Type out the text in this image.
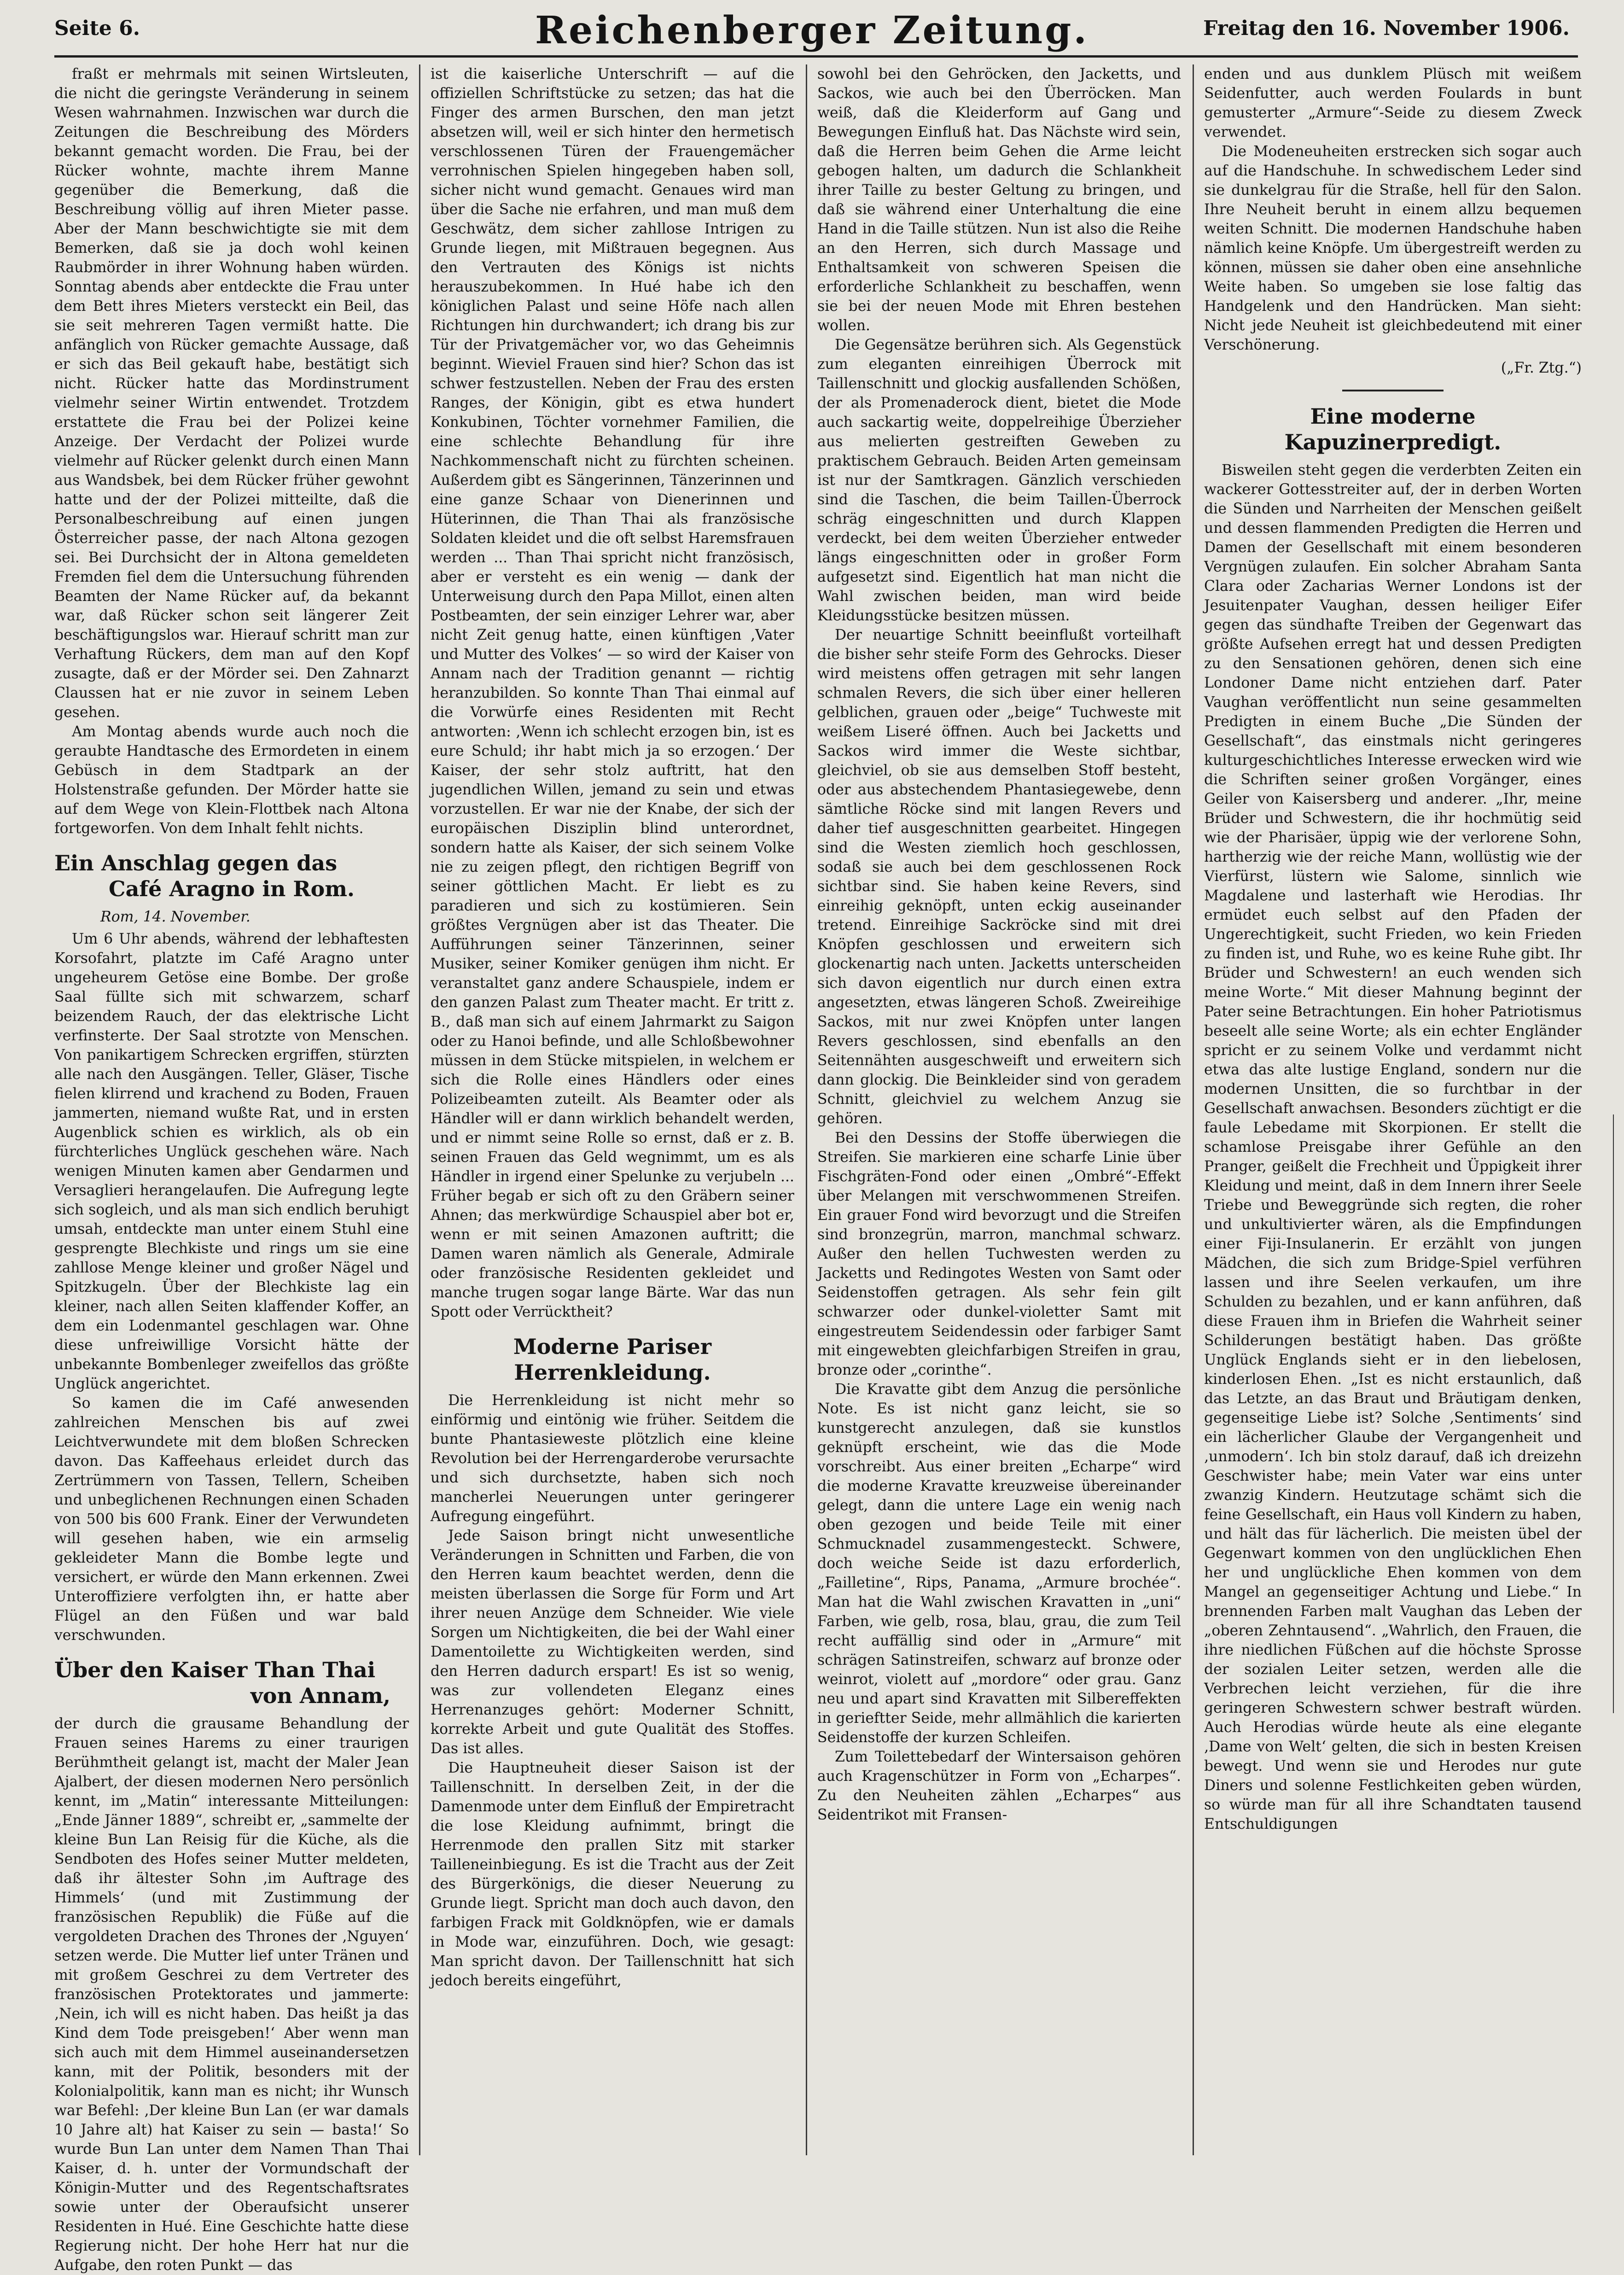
Seite 6.	Reichenberger Zeitung.	Freitag den 16. November 1906.

fraßt er mehrmals mit seinen Wirtsleuten, die nicht die geringste Veränderung in seinem Wesen wahrnahmen. Inzwischen war durch die Zeitungen die Beschreibung des Mörders bekannt gemacht worden. Die Frau, bei der Rücker wohnte, machte ihrem Manne gegenüber die Bemerkung, daß die Beschreibung völlig auf ihren Mieter passe. Aber der Mann beschwichtigte sie mit dem Bemerken, daß sie ja doch wohl keinen Raubmörder in ihrer Wohnung haben würden. Sonntag abends aber entdeckte die Frau unter dem Bett ihres Mieters versteckt ein Beil, das sie seit mehreren Tagen vermißt hatte. Die anfänglich von Rücker gemachte Aussage, daß er sich das Beil gekauft habe, bestätigt sich nicht. Rücker hatte das Mordinstrument vielmehr seiner Wirtin entwendet. Trotzdem erstattete die Frau bei der Polizei keine Anzeige. Der Verdacht der Polizei wurde vielmehr auf Rücker gelenkt durch einen Mann aus Wandsbek, bei dem Rücker früher gewohnt hatte und der der Polizei mitteilte, daß die Personalbeschreibung auf einen jungen Österreicher passe, der nach Altona gezogen sei. Bei Durchsicht der in Altona gemeldeten Fremden fiel dem die Untersuchung führenden Beamten der Name Rücker auf, da bekannt war, daß Rücker schon seit längerer Zeit beschäftigungslos war. Hierauf schritt man zur Verhaftung Rückers, dem man auf den Kopf zusagte, daß er der Mörder sei. Den Zahnarzt Claussen hat er nie zuvor in seinem Leben gesehen.

Am Montag abends wurde auch noch die geraubte Handtasche des Ermordeten in einem Gebüsch in dem Stadtpark an der Holstenstraße gefunden. Der Mörder hatte sie auf dem Wege von Klein-Flottbek nach Altona fortgeworfen. Von dem Inhalt fehlt nichts.

Ein Anschlag gegen das
Café Aragno in Rom.

Rom, 14. November.

Um 6 Uhr abends, während der lebhaftesten Korsofahrt, platzte im Café Aragno unter ungeheurem Getöse eine Bombe. Der große Saal füllte sich mit schwarzem, scharf beizendem Rauch, der das elektrische Licht verfinsterte. Der Saal strotzte von Menschen. Von panikartigem Schrecken ergriffen, stürzten alle nach den Ausgängen. Teller, Gläser, Tische fielen klirrend und krachend zu Boden, Frauen jammerten, niemand wußte Rat, und in ersten Augenblick schien es wirklich, als ob ein fürchterliches Unglück geschehen wäre. Nach wenigen Minuten kamen aber Gendarmen und Versaglieri herangelaufen. Die Aufregung legte sich sogleich, und als man sich endlich beruhigt umsah, entdeckte man unter einem Stuhl eine gesprengte Blechkiste und rings um sie eine zahllose Menge kleiner und großer Nägel und Spitzkugeln. Über der Blechkiste lag ein kleiner, nach allen Seiten klaffender Koffer, an dem ein Lodenmantel geschlagen war. Ohne diese unfreiwillige Vorsicht hätte der unbekannte Bombenleger zweifellos das größte Unglück angerichtet.

So kamen die im Café anwesenden zahlreichen Menschen bis auf zwei Leichtverwundete mit dem bloßen Schrecken davon. Das Kaffeehaus erleidet durch das Zertrümmern von Tassen, Tellern, Scheiben und unbeglichenen Rechnungen einen Schaden von 500 bis 600 Frank. Einer der Verwundeten will gesehen haben, wie ein armselig gekleideter Mann die Bombe legte und versichert, er würde den Mann erkennen. Zwei Unteroffiziere verfolgten ihn, er hatte aber Flügel an den Füßen und war bald verschwunden.

Über den Kaiser Than Thai
von Annam,

der durch die grausame Behandlung der Frauen seines Harems zu einer traurigen Berühmtheit gelangt ist, macht der Maler Jean Ajalbert, der diesen modernen Nero persönlich kennt, im „Matin“ interessante Mitteilungen: „Ende Jänner 1889“, schreibt er, „sammelte der kleine Bun Lan Reisig für die Küche, als die Sendboten des Hofes seiner Mutter meldeten, daß ihr ältester Sohn ‚im Auftrage des Himmels‘ (und mit Zustimmung der französischen Republik) die Füße auf die vergoldeten Drachen des Thrones der ‚Nguyen‘ setzen werde. Die Mutter lief unter Tränen und mit großem Geschrei zu dem Vertreter des französischen Protektorates und jammerte: ‚Nein, ich will es nicht haben. Das heißt ja das Kind dem Tode preisgeben!‘ Aber wenn man sich auch mit dem Himmel auseinandersetzen kann, mit der Politik, besonders mit der Kolonialpolitik, kann man es nicht; ihr Wunsch war Befehl: ‚Der kleine Bun Lan (er war damals 10 Jahre alt) hat Kaiser zu sein — basta!‘ So wurde Bun Lan unter dem Namen Than Thai Kaiser, d. h. unter der Vormundschaft der Königin-Mutter und des Regentschaftsrates sowie unter der Oberaufsicht unserer Residenten in Hué. Eine Geschichte hatte diese Regierung nicht. Der hohe Herr hat nur die Aufgabe, den roten Punkt — das

ist die kaiserliche Unterschrift — auf die offiziellen Schriftstücke zu setzen; das hat die Finger des armen Burschen, den man jetzt absetzen will, weil er sich hinter den hermetisch verschlossenen Türen der Frauengemächer verrohnischen Spielen hingegeben haben soll, sicher nicht wund gemacht. Genaues wird man über die Sache nie erfahren, und man muß dem Geschwätz, dem sicher zahllose Intrigen zu Grunde liegen, mit Mißtrauen begegnen. Aus den Vertrauten des Königs ist nichts herauszubekommen. In Hué habe ich den königlichen Palast und seine Höfe nach allen Richtungen hin durchwandert; ich drang bis zur Tür der Privatgemächer vor, wo das Geheimnis beginnt. Wieviel Frauen sind hier? Schon das ist schwer festzustellen. Neben der Frau des ersten Ranges, der Königin, gibt es etwa hundert Konkubinen, Töchter vornehmer Familien, die eine schlechte Behandlung für ihre Nachkommenschaft nicht zu fürchten scheinen. Außerdem gibt es Sängerinnen, Tänzerinnen und eine ganze Schaar von Dienerinnen und Hüterinnen, die Than Thai als französische Soldaten kleidet und die oft selbst Haremsfrauen werden ... Than Thai spricht nicht französisch, aber er versteht es ein wenig — dank der Unterweisung durch den Papa Millot, einen alten Postbeamten, der sein einziger Lehrer war, aber nicht Zeit genug hatte, einen künftigen ‚Vater und Mutter des Volkes‘ — so wird der Kaiser von Annam nach der Tradition genannt — richtig heranzubilden. So konnte Than Thai einmal auf die Vorwürfe eines Residenten mit Recht antworten: ‚Wenn ich schlecht erzogen bin, ist es eure Schuld; ihr habt mich ja so erzogen.‘ Der Kaiser, der sehr stolz auftritt, hat den jugendlichen Willen, jemand zu sein und etwas vorzustellen. Er war nie der Knabe, der sich der europäischen Disziplin blind unterordnet, sondern hatte als Kaiser, der sich seinem Volke nie zu zeigen pflegt, den richtigen Begriff von seiner göttlichen Macht. Er liebt es zu paradieren und sich zu kostümieren. Sein größtes Vergnügen aber ist das Theater. Die Aufführungen seiner Tänzerinnen, seiner Musiker, seiner Komiker genügen ihm nicht. Er veranstaltet ganz andere Schauspiele, indem er den ganzen Palast zum Theater macht. Er tritt z. B., daß man sich auf einem Jahrmarkt zu Saigon oder zu Hanoi befinde, und alle Schloßbewohner müssen in dem Stücke mitspielen, in welchem er sich die Rolle eines Händlers oder eines Polizeibeamten zuteilt. Als Beamter oder als Händler will er dann wirklich behandelt werden, und er nimmt seine Rolle so ernst, daß er z. B. seinen Frauen das Geld wegnimmt, um es als Händler in irgend einer Spelunke zu verjubeln ... Früher begab er sich oft zu den Gräbern seiner Ahnen; das merkwürdige Schauspiel aber bot er, wenn er mit seinen Amazonen auftritt; die Damen waren nämlich als Generale, Admirale oder französische Residenten gekleidet und manche trugen sogar lange Bärte. War das nun Spott oder Verrücktheit?

Moderne Pariser Herrenkleidung.

Die Herrenkleidung ist nicht mehr so einförmig und eintönig wie früher. Seitdem die bunte Phantasieweste plötzlich eine kleine Revolution bei der Herrengarderobe verursachte und sich durchsetzte, haben sich noch mancherlei Neuerungen unter geringerer Aufregung eingeführt.

Jede Saison bringt nicht unwesentliche Veränderungen in Schnitten und Farben, die von den Herren kaum beachtet werden, denn die meisten überlassen die Sorge für Form und Art ihrer neuen Anzüge dem Schneider. Wie viele Sorgen um Nichtigkeiten, die bei der Wahl einer Damentoilette zu Wichtigkeiten werden, sind den Herren dadurch erspart! Es ist so wenig, was zur vollendeten Eleganz eines Herrenanzuges gehört: Moderner Schnitt, korrekte Arbeit und gute Qualität des Stoffes. Das ist alles.

Die Hauptneuheit dieser Saison ist der Taillenschnitt. In derselben Zeit, in der die Damenmode unter dem Einfluß der Empiretracht die lose Kleidung aufnimmt, bringt die Herrenmode den prallen Sitz mit starker Tailleneinbiegung. Es ist die Tracht aus der Zeit des Bürgerkönigs, die dieser Neuerung zu Grunde liegt. Spricht man doch auch davon, den farbigen Frack mit Goldknöpfen, wie er damals in Mode war, einzuführen. Doch, wie gesagt: Man spricht davon. Der Taillenschnitt hat sich jedoch bereits eingeführt,

sowohl bei den Gehröcken, den Jacketts, und Sackos, wie auch bei den Überröcken. Man weiß, daß die Kleiderform auf Gang und Bewegungen Einfluß hat. Das Nächste wird sein, daß die Herren beim Gehen die Arme leicht gebogen halten, um dadurch die Schlankheit ihrer Taille zu bester Geltung zu bringen, und daß sie während einer Unterhaltung die eine Hand in die Taille stützen. Nun ist also die Reihe an den Herren, sich durch Massage und Enthaltsamkeit von schweren Speisen die erforderliche Schlankheit zu beschaffen, wenn sie bei der neuen Mode mit Ehren bestehen wollen.

Die Gegensätze berühren sich. Als Gegenstück zum eleganten einreihigen Überrock mit Taillenschnitt und glockig ausfallenden Schößen, der als Promenaderock dient, bietet die Mode auch sackartig weite, doppelreihige Überzieher aus melierten gestreiften Geweben zu praktischem Gebrauch. Beiden Arten gemeinsam ist nur der Samtkragen. Gänzlich verschieden sind die Taschen, die beim Taillen-Überrock schräg eingeschnitten und durch Klappen verdeckt, bei dem weiten Überzieher entweder längs eingeschnitten oder in großer Form aufgesetzt sind. Eigentlich hat man nicht die Wahl zwischen beiden, man wird beide Kleidungsstücke besitzen müssen.

Der neuartige Schnitt beeinflußt vorteilhaft die bisher sehr steife Form des Gehrocks. Dieser wird meistens offen getragen mit sehr langen schmalen Revers, die sich über einer helleren gelblichen, grauen oder „beige“ Tuchweste mit weißem Liseré öffnen. Auch bei Jacketts und Sackos wird immer die Weste sichtbar, gleichviel, ob sie aus demselben Stoff besteht, oder aus abstechendem Phantasiegewebe, denn sämtliche Röcke sind mit langen Revers und daher tief ausgeschnitten gearbeitet. Hingegen sind die Westen ziemlich hoch geschlossen, sodaß sie auch bei dem geschlossenen Rock sichtbar sind. Sie haben keine Revers, sind einreihig geknöpft, unten eckig auseinander tretend. Einreihige Sackröcke sind mit drei Knöpfen geschlossen und erweitern sich glockenartig nach unten. Jacketts unterscheiden sich davon eigentlich nur durch einen extra angesetzten, etwas längeren Schoß. Zweireihige Sackos, mit nur zwei Knöpfen unter langen Revers geschlossen, sind ebenfalls an den Seitennähten ausgeschweift und erweitern sich dann glockig. Die Beinkleider sind von geradem Schnitt, gleichviel zu welchem Anzug sie gehören.

Bei den Dessins der Stoffe überwiegen die Streifen. Sie markieren eine scharfe Linie über Fischgräten-Fond oder einen „Ombré“-Effekt über Melangen mit verschwommenen Streifen. Ein grauer Fond wird bevorzugt und die Streifen sind bronzegrün, marron, manchmal schwarz. Außer den hellen Tuchwesten werden zu Jacketts und Redingotes Westen von Samt oder Seidenstoffen getragen. Als sehr fein gilt schwarzer oder dunkel-violetter Samt mit eingestreutem Seidendessin oder farbiger Samt mit eingewebten gleichfarbigen Streifen in grau, bronze oder „corinthe“.

Die Kravatte gibt dem Anzug die persönliche Note. Es ist nicht ganz leicht, sie so kunstgerecht anzulegen, daß sie kunstlos geknüpft erscheint, wie das die Mode vorschreibt. Aus einer breiten „Echarpe“ wird die moderne Kravatte kreuzweise übereinander gelegt, dann die untere Lage ein wenig nach oben gezogen und beide Teile mit einer Schmucknadel zusammengesteckt. Schwere, doch weiche Seide ist dazu erforderlich, „Failletine“, Rips, Panama, „Armure brochée“. Man hat die Wahl zwischen Kravatten in „uni“ Farben, wie gelb, rosa, blau, grau, die zum Teil recht auffällig sind oder in „Armure“ mit schrägen Satinstreifen, schwarz auf bronze oder weinrot, violett auf „mordore“ oder grau. Ganz neu und apart sind Kravatten mit Silbereffekten in gerieftter Seide, mehr allmählich die karierten Seidenstoffe der kurzen Schleifen.

Zum Toilettebedarf der Wintersaison gehören auch Kragenschützer in Form von „Echarpes“. Zu den Neuheiten zählen „Echarpes“ aus Seidentrikot mit Fransen-

enden und aus dunklem Plüsch mit weißem Seidenfutter, auch werden Foulards in bunt gemusterter „Armure“-Seide zu diesem Zweck verwendet.

Die Modeneuheiten erstrecken sich sogar auch auf die Handschuhe. In schwedischem Leder sind sie dunkelgrau für die Straße, hell für den Salon. Ihre Neuheit beruht in einem allzu bequemen weiten Schnitt. Die modernen Handschuhe haben nämlich keine Knöpfe. Um übergestreift werden zu können, müssen sie daher oben eine ansehnliche Weite haben. So umgeben sie lose faltig das Handgelenk und den Handrücken. Man sieht: Nicht jede Neuheit ist gleichbedeutend mit einer Verschönerung.

(„Fr. Ztg.“)

Eine moderne Kapuzinerpredigt.

Bisweilen steht gegen die verderbten Zeiten ein wackerer Gottesstreiter auf, der in derben Worten die Sünden und Narrheiten der Menschen geißelt und dessen flammenden Predigten die Herren und Damen der Gesellschaft mit einem besonderen Vergnügen zulaufen. Ein solcher Abraham Santa Clara oder Zacharias Werner Londons ist der Jesuitenpater Vaughan, dessen heiliger Eifer gegen das sündhafte Treiben der Gegenwart das größte Aufsehen erregt hat und dessen Predigten zu den Sensationen gehören, denen sich eine Londoner Dame nicht entziehen darf. Pater Vaughan veröffentlicht nun seine gesammelten Predigten in einem Buche „Die Sünden der Gesellschaft“, das einstmals nicht geringeres kulturgeschichtliches Interesse erwecken wird wie die Schriften seiner großen Vorgänger, eines Geiler von Kaisersberg und anderer. „Ihr, meine Brüder und Schwestern, die ihr hochmütig seid wie der Pharisäer, üppig wie der verlorene Sohn, hartherzig wie der reiche Mann, wollüstig wie der Vierfürst, lüstern wie Salome, sinnlich wie Magdalene und lasterhaft wie Herodias. Ihr ermüdet euch selbst auf den Pfaden der Ungerechtigkeit, sucht Frieden, wo kein Frieden zu finden ist, und Ruhe, wo es keine Ruhe gibt. Ihr Brüder und Schwestern! an euch wenden sich meine Worte.“ Mit dieser Mahnung beginnt der Pater seine Betrachtungen. Ein hoher Patriotismus beseelt alle seine Worte; als ein echter Engländer spricht er zu seinem Volke und verdammt nicht etwa das alte lustige England, sondern nur die modernen Unsitten, die so furchtbar in der Gesellschaft anwachsen. Besonders züchtigt er die faule Lebedame mit Skorpionen. Er stellt die schamlose Preisgabe ihrer Gefühle an den Pranger, geißelt die Frechheit und Üppigkeit ihrer Kleidung und meint, daß in dem Innern ihrer Seele Triebe und Beweggründe sich regten, die roher und unkultivierter wären, als die Empfindungen einer Fiji-Insulanerin. Er erzählt von jungen Mädchen, die sich zum Bridge-Spiel verführen lassen und ihre Seelen verkaufen, um ihre Schulden zu bezahlen, und er kann anführen, daß diese Frauen ihm in Briefen die Wahrheit seiner Schilderungen bestätigt haben. Das größte Unglück Englands sieht er in den liebelosen, kinderlosen Ehen. „Ist es nicht erstaunlich, daß das Letzte, an das Braut und Bräutigam denken, gegenseitige Liebe ist? Solche ‚Sentiments‘ sind ein lächerlicher Glaube der Vergangenheit und ‚unmodern‘. Ich bin stolz darauf, daß ich dreizehn Geschwister habe; mein Vater war eins unter zwanzig Kindern. Heutzutage schämt sich die feine Gesellschaft, ein Haus voll Kindern zu haben, und hält das für lächerlich. Die meisten übel der Gegenwart kommen von den unglücklichen Ehen her und unglückliche Ehen kommen von dem Mangel an gegenseitiger Achtung und Liebe.“ In brennenden Farben malt Vaughan das Leben der „oberen Zehntausend“. „Wahrlich, den Frauen, die ihre niedlichen Füßchen auf die höchste Sprosse der sozialen Leiter setzen, werden alle die Verbrechen leicht verziehen, für die ihre geringeren Schwestern schwer bestraft würden. Auch Herodias würde heute als eine elegante ‚Dame von Welt‘ gelten, die sich in besten Kreisen bewegt. Und wenn sie und Herodes nur gute Diners und solenne Festlichkeiten geben würden, so würde man für all ihre Schandtaten tausend Entschuldigungen
